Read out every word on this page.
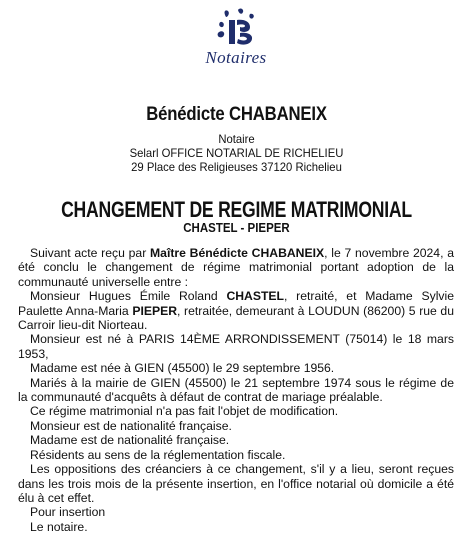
Notaires
Bénédicte CHABANEIX
Notaire
Selarl OFFICE NOTARIAL DE RICHELIEU
29 Place des Religieuses 37120 Richelieu
CHANGEMENT DE REGIME MATRIMONIAL
CHASTEL - PIEPER

Suivant acte reçu par Maître Bénédicte CHABANEIX, le 7 novembre 2024, a été conclu le changement de régime matrimonial portant adoption de la communauté universelle entre :

Monsieur Hugues Émile Roland CHASTEL, retraité, et Madame Sylvie Paulette Anna-Maria PIEPER, retraitée, demeurant à LOUDUN (86200) 5 rue du Carroir lieu-dit Niorteau.

Monsieur est né à PARIS 14ÈME ARRONDISSEMENT (75014) le 18 mars 1953,

Madame est née à GIEN (45500) le 29 septembre 1956.

Mariés à la mairie de GIEN (45500) le 21 septembre 1974 sous le régime de la communauté d'acquêts à défaut de contrat de mariage préalable.

Ce régime matrimonial n'a pas fait l'objet de modification.

Monsieur est de nationalité française.

Madame est de nationalité française.

Résidents au sens de la réglementation fiscale.

Les oppositions des créanciers à ce changement, s'il y a lieu, seront reçues dans les trois mois de la présente insertion, en l'office notarial où domicile a été élu à cet effet.

Pour insertion

Le notaire.
